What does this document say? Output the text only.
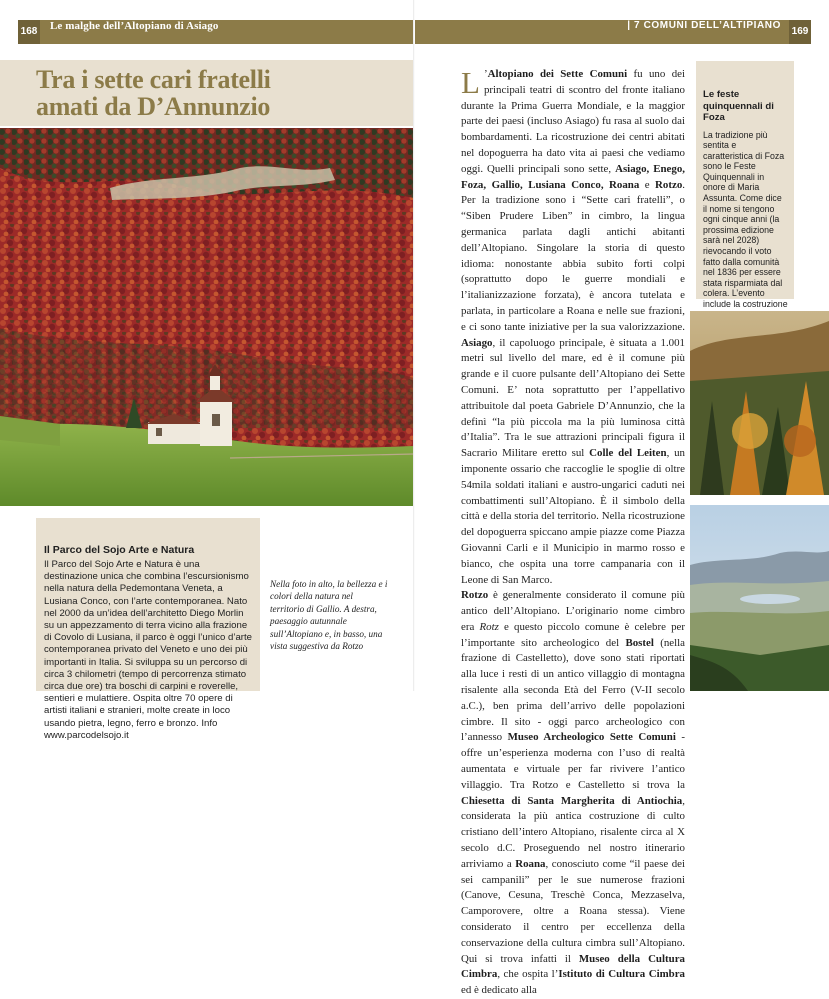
168 Le malghe dell’Altopiano di Asiago
Tra i sette cari fratelli
amati da D’Annunzio
Il Parco del Sojo Arte e Natura

Il Parco del Sojo Arte e Natura è una destinazione unica che combina l’escursionismo nella natura della Pedemontana Veneta, a Lusiana Conco, con l’arte contemporanea. Nato nel 2000 da un’idea dell’architetto Diego Morlin su un appezzamento di terra vicino alla frazione di Covolo di Lusiana, il parco è oggi l’unico d’arte contemporanea privato del Veneto e uno dei più importanti in Italia. Si sviluppa su un percorso di circa 3 chilometri (tempo di percorrenza stimato circa due ore) tra boschi di carpini e roverelle, sentieri e mulattiere. Ospita oltre 70 opere di artisti italiani e stranieri, molte create in loco usando pietra, legno, ferro e bronzo. Info www.parcodelsojo.it

Nella foto in alto, la bellezza e i colori della natura nel territorio di Gallio. A destra, paesaggio autunnale sull’Altopiano e, in basso, una vista suggestiva da Rotzo
| 7 COMUNI DELL’ALTIPIANO
169
L ’Altopiano dei Sette Comuni fu uno dei principali teatri di scontro del fronte italiano durante la Prima Guerra Mondiale, e la maggior parte dei paesi (incluso Asiago) fu rasa al suolo dai bombardamenti. La ricostruzione dei centri abitati nel dopoguerra ha dato vita ai paesi che vediamo oggi. Quelli principali sono sette, Asiago, Enego, Foza, Gallio, Lusiana Conco, Roana e Rotzo. Per la tradizione sono i “Sette cari fratelli”, o “Siben Prudere Liben” in cimbro, la lingua germanica parlata dagli antichi abitanti dell’Altopiano. Singolare la storia di questo idioma: nonostante abbia subito forti colpi (soprattutto dopo le guerre mondiali e l’italianizzazione forzata), è ancora tutelata e parlata, in particolare a Roana e nelle sue frazioni, e ci sono tante iniziative per la sua valorizzazione. Asiago, il capoluogo principale, è situata a 1.001 metri sul livello del mare, ed è il comune più grande e il cuore pulsante dell’Altopiano dei Sette Comuni. E’ nota soprattutto per l’appellativo attribuitole dal poeta Gabriele D’Annunzio, che la definì “la più piccola ma la più luminosa città d’Italia”. Tra le sue attrazioni principali figura il Sacrario Militare eretto sul Colle del Leiten, un imponente ossario che raccoglie le spoglie di oltre 54mila soldati italiani e austro-ungarici caduti nei combattimenti sull’Altopiano. È il simbolo della città e della storia del territorio. Nella ricostruzione del dopoguerra spiccano ampie piazze come Piazza Giovanni Carli e il Municipio in marmo rosso e bianco, che ospita una torre campanaria con il Leone di San Marco.

Rotzo è generalmente considerato il comune più antico dell’Altopiano. L’originario nome cimbro era Rotz e questo piccolo comune è celebre per l’importante sito archeologico del Bostel (nella frazione di Castelletto), dove sono stati riportati alla luce i resti di un antico villaggio di montagna risalente alla seconda Età del Ferro (V-II secolo a.C.), ben prima dell’arrivo delle popolazioni cimbre. Il sito - oggi parco archeologico con l’annesso Museo Archeologico Sette Comuni - offre un’esperienza moderna con l’uso di realtà aumentata e virtuale per far rivivere l’antico villaggio. Tra Rotzo e Castelletto si trova la Chiesetta di Santa Margherita di Antiochia, considerata la più antica costruzione di culto cristiano dell’intero Altopiano, risalente circa al X secolo d.C. Proseguendo nel nostro itinerario arriviamo a Roana, conosciuto come “il paese dei sei campanili” per le sue numerose frazioni (Canove, Cesuna, Treschè Conca, Mezzaselva, Camporovere, oltre a Roana stessa). Viene considerato il centro per eccellenza della conservazione della cultura cimbra sull’Altopiano. Qui si trova infatti il Museo della Cultura Cimbra, che ospita l’Istituto di Cultura Cimbra ed è dedicato alla

Le feste quinquennali di Foza

La tradizione più sentita e caratteristica di Foza sono le Feste Quinquennali in onore di Maria Assunta. Come dice il nome si tengono ogni cinque anni (la prossima edizione sarà nel 2028) rievocando il voto fatto dalla comunità nel 1836 per essere stata risparmiata dal colera. L’evento include la costruzione
